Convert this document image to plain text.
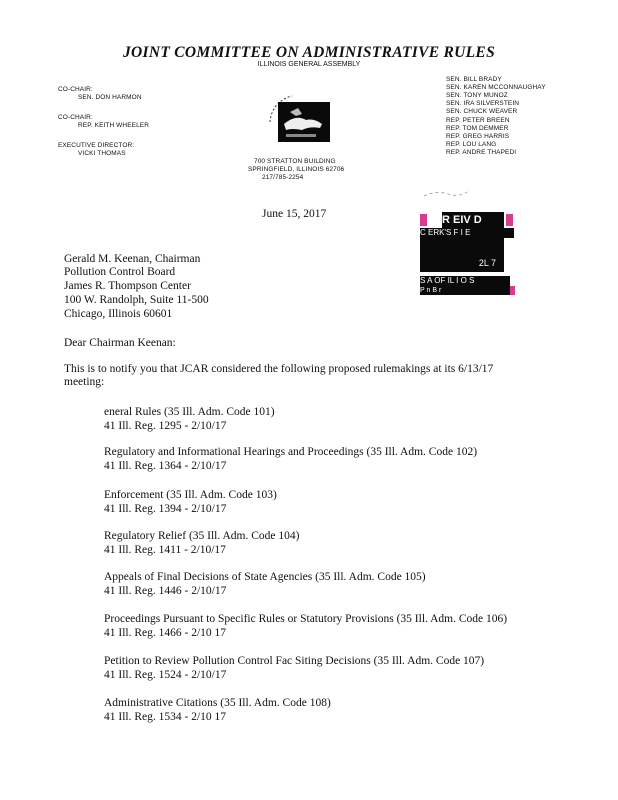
JOINT COMMITTEE ON ADMINISTRATIVE RULES
ILLINOIS GENERAL ASSEMBLY
CO-CHAIR:
SEN. DON HARMON
CO-CHAIR:
REP. KEITH WHEELER
EXECUTIVE DIRECTOR:
VICKI THOMAS
700 STRATTON BUILDING
SPRINGFIELD, ILLINOIS 62706
217/785-2254
SEN. BILL BRADY
SEN. KAREN MCCONNAUGHAY
SEN. TONY MUNOZ
SEN. IRA SILVERSTEIN
SEN. CHUCK WEAVER
REP. PETER BREEN
REP. TOM DEMMER
REP. GREG HARRIS
REP. LOU LANG
REP. ANDRE THAPEDI
R EIV D
C ERK'S F I E
2L 7
S A OF IL I O S
P n B r
June 15, 2017
Gerald M. Keenan, Chairman
Pollution Control Board
James R. Thompson Center
100 W. Randolph, Suite 11-500
Chicago, Illinois 60601
Dear Chairman Keenan:
This is to notify you that JCAR considered the following proposed rulemakings at its 6/13/17
meeting:
eneral Rules (35 Ill. Adm. Code 101)
41 Ill. Reg. 1295 - 2/10/17
Regulatory and Informational Hearings and Proceedings (35 Ill. Adm. Code 102)
41 Ill. Reg. 1364 - 2/10/17
Enforcement (35 Ill. Adm. Code 103)
41 Ill. Reg. 1394 - 2/10/17
Regulatory Relief (35 Ill. Adm. Code 104)
41 Ill. Reg. 1411 - 2/10/17
Appeals of Final Decisions of State Agencies (35 Ill. Adm. Code 105)
41 Ill. Reg. 1446 - 2/10/17
Proceedings Pursuant to Specific Rules or Statutory Provisions (35 Ill. Adm. Code 106)
41 Ill. Reg. 1466 - 2/10 17
Petition to Review Pollution Control Fac Siting Decisions (35 Ill. Adm. Code 107)
41 Ill. Reg. 1524 - 2/10/17
Administrative Citations (35 Ill. Adm. Code 108)
41 Ill. Reg. 1534 - 2/10 17
